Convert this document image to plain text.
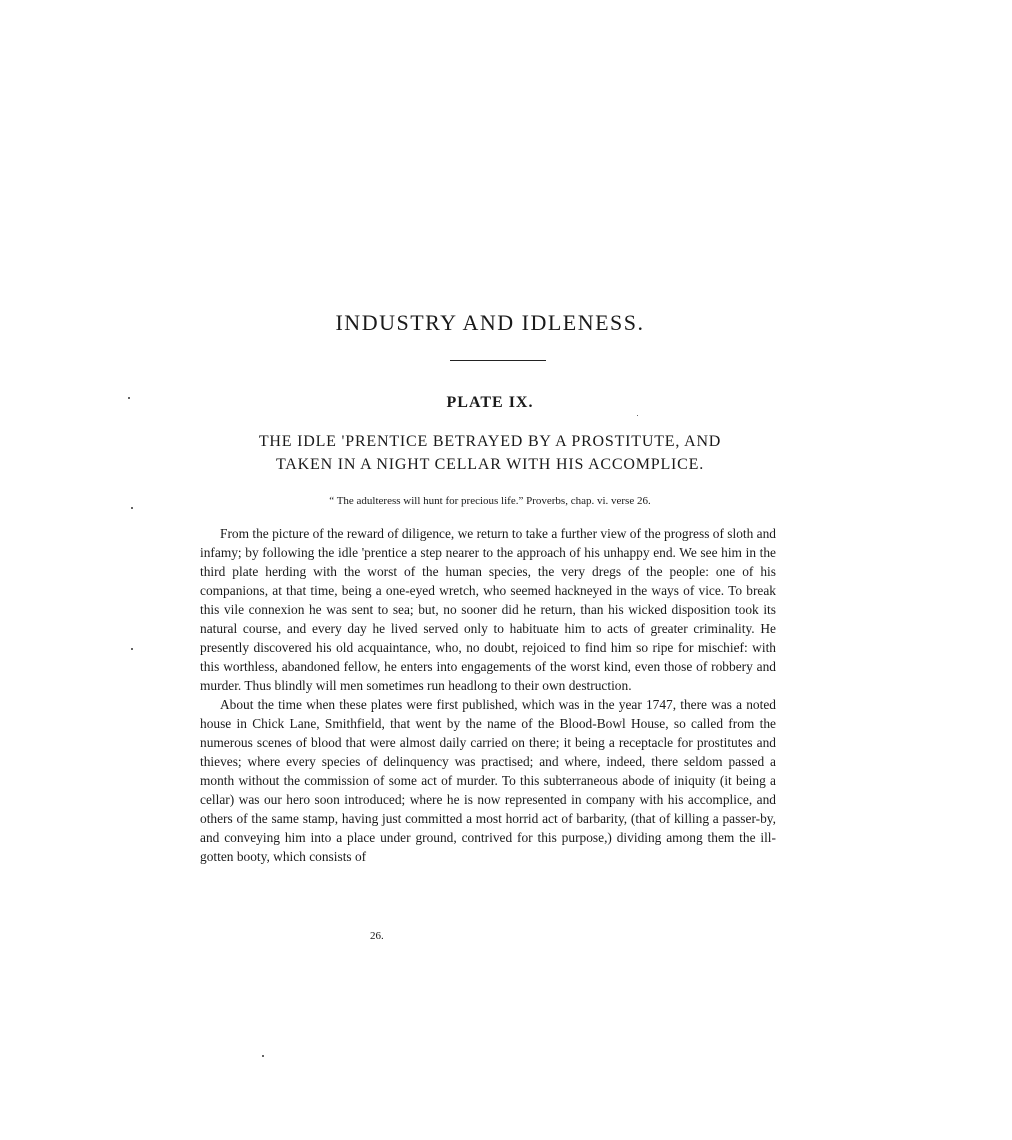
INDUSTRY AND IDLENESS.
PLATE IX.
THE IDLE 'PRENTICE BETRAYED BY A PROSTITUTE, AND
TAKEN IN A NIGHT CELLAR WITH HIS ACCOMPLICE.

“ The adulteress will hunt for precious life.” Proverbs, chap. vi. verse 26.

From the picture of the reward of diligence, we return to take a further view of the progress of sloth and infamy; by following the idle 'prentice a step nearer to the approach of his unhappy end. We see him in the third plate herding with the worst of the human species, the very dregs of the people: one of his companions, at that time, being a one-eyed wretch, who seemed hackneyed in the ways of vice. To break this vile connexion he was sent to sea; but, no sooner did he return, than his wicked disposition took its natural course, and every day he lived served only to habituate him to acts of greater criminality. He presently discovered his old acquaintance, who, no doubt, rejoiced to find him so ripe for mischief: with this worthless, abandoned fellow, he enters into engagements of the worst kind, even those of robbery and murder. Thus blindly will men sometimes run headlong to their own destruction.

About the time when these plates were first published, which was in the year 1747, there was a noted house in Chick Lane, Smithfield, that went by the name of the Blood-Bowl House, so called from the numerous scenes of blood that were almost daily carried on there; it being a receptacle for prostitutes and thieves; where every species of delinquency was practised; and where, indeed, there seldom passed a month without the commission of some act of murder. To this subterraneous abode of iniquity (it being a cellar) was our hero soon introduced; where he is now represented in company with his accomplice, and others of the same stamp, having just committed a most horrid act of barbarity, (that of killing a passer-by, and conveying him into a place under ground, contrived for this purpose,) dividing among them the ill-gotten booty, which consists of

26.
